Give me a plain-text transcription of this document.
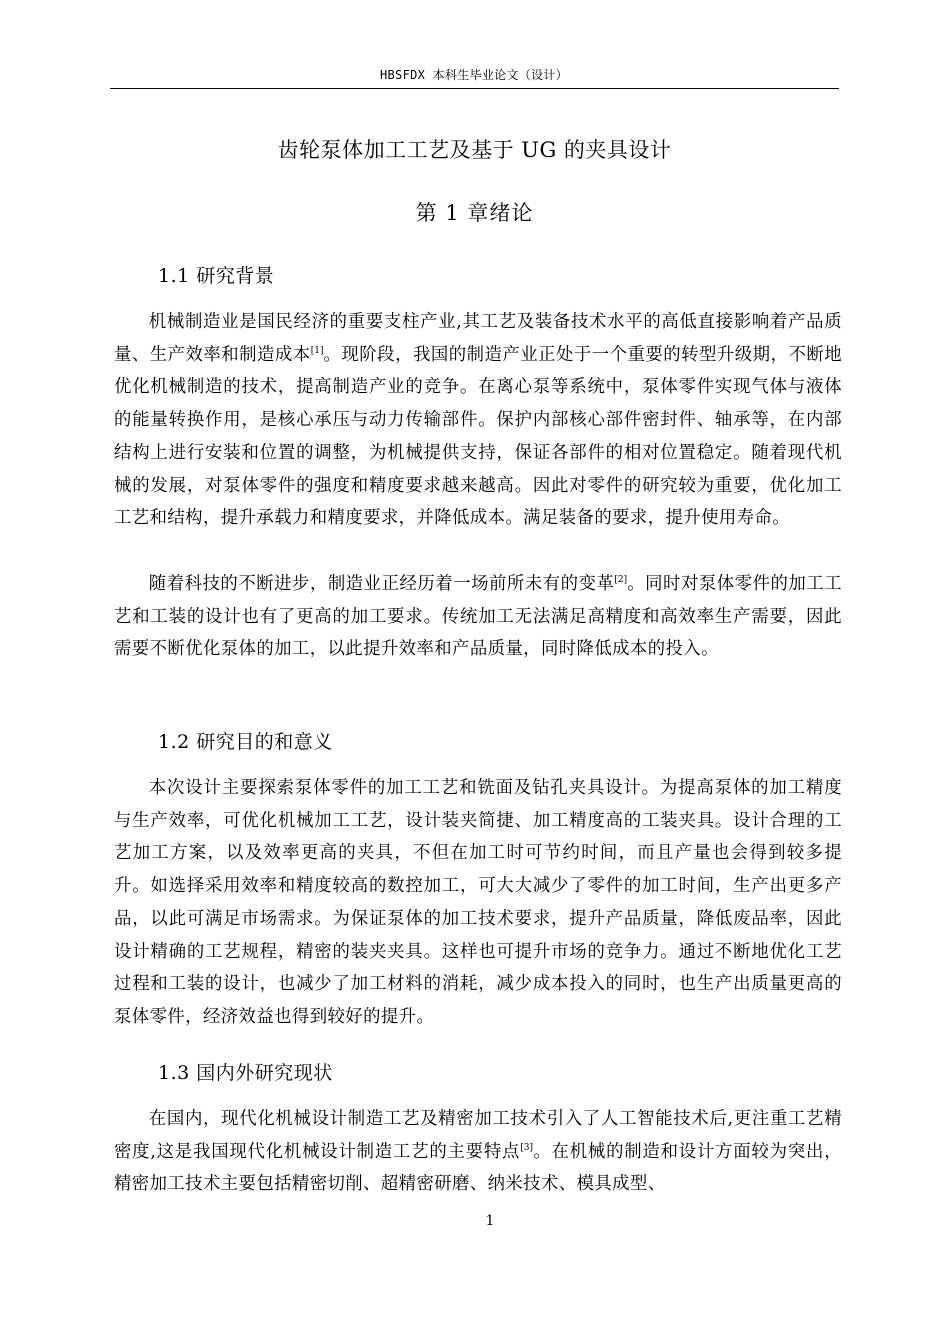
HBSFDX 本科生毕业论文（设计）
齿轮泵体加工工艺及基于 UG 的夹具设计
第 1 章绪论
1.1 研究背景

机械制造业是国民经济的重要支柱产业,其工艺及装备技术水平的高低直接影响着产品质量、生产效率和制造成本[1]。现阶段，我国的制造产业正处于一个重要的转型升级期，不断地优化机械制造的技术，提高制造产业的竞争。在离心泵等系统中，泵体零件实现气体与液体的能量转换作用，是核心承压与动力传输部件。保护内部核心部件密封件、轴承等，在内部结构上进行安装和位置的调整，为机械提供支持，保证各部件的相对位置稳定。随着现代机械的发展，对泵体零件的强度和精度要求越来越高。因此对零件的研究较为重要，优化加工工艺和结构，提升承载力和精度要求，并降低成本。满足装备的要求，提升使用寿命。

随着科技的不断进步，制造业正经历着一场前所未有的变革[2]。同时对泵体零件的加工工艺和工装的设计也有了更高的加工要求。传统加工无法满足高精度和高效率生产需要，因此需要不断优化泵体的加工，以此提升效率和产品质量，同时降低成本的投入。

1.2 研究目的和意义

本次设计主要探索泵体零件的加工工艺和铣面及钻孔夹具设计。为提高泵体的加工精度与生产效率，可优化机械加工工艺，设计装夹简捷、加工精度高的工装夹具。设计合理的工艺加工方案，以及效率更高的夹具，不但在加工时可节约时间，而且产量也会得到较多提升。如选择采用效率和精度较高的数控加工，可大大减少了零件的加工时间，生产出更多产品，以此可满足市场需求。为保证泵体的加工技术要求，提升产品质量，降低废品率，因此设计精确的工艺规程，精密的装夹夹具。这样也可提升市场的竞争力。通过不断地优化工艺过程和工装的设计，也减少了加工材料的消耗，减少成本投入的同时，也生产出质量更高的泵体零件，经济效益也得到较好的提升。

1.3 国内外研究现状

在国内，现代化机械设计制造工艺及精密加工技术引入了人工智能技术后,更注重工艺精密度,这是我国现代化机械设计制造工艺的主要特点[3]。在机械的制造和设计方面较为突出，精密加工技术主要包括精密切削、超精密研磨、纳米技术、模具成型、

1
